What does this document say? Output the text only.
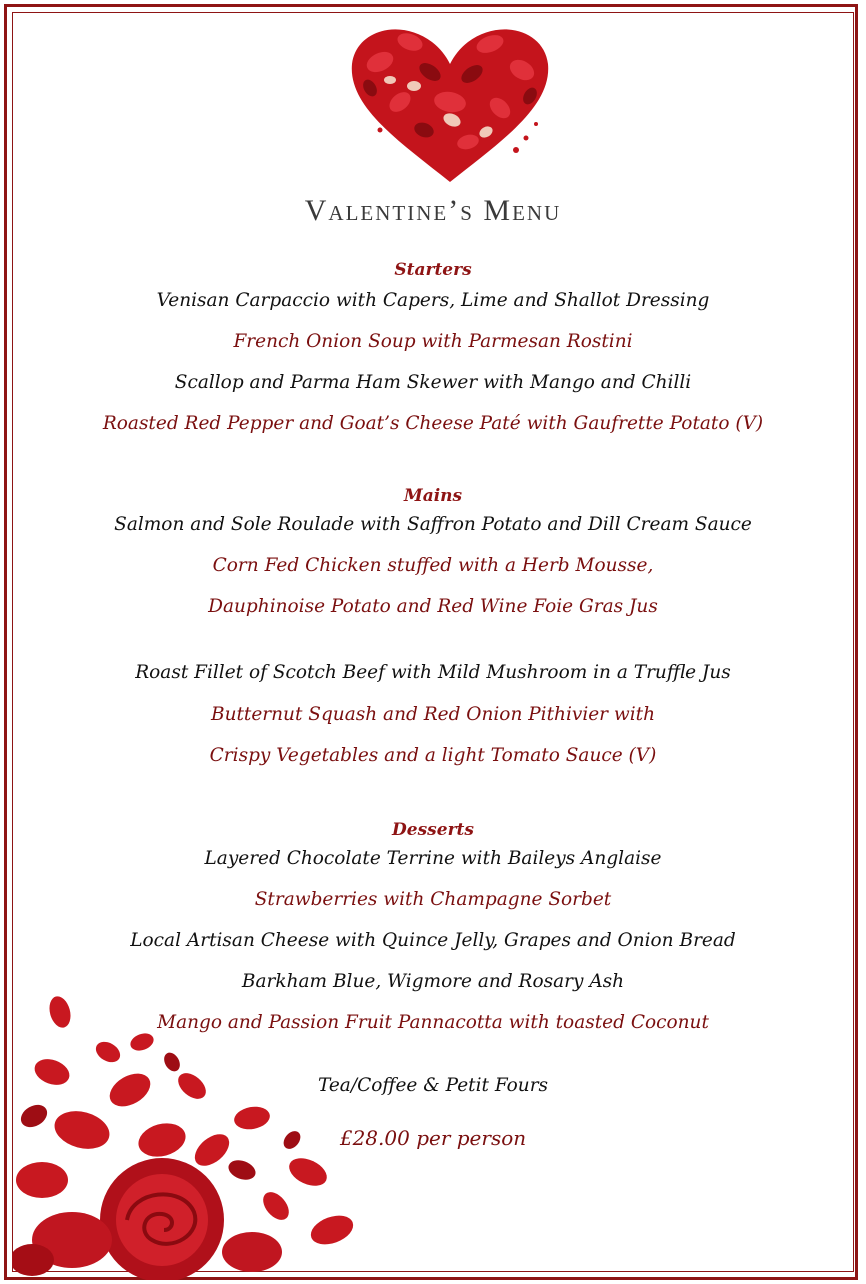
Valentine’s Menu
Starters
Venisan Carpaccio with Capers, Lime and Shallot Dressing
French Onion Soup with Parmesan Rostini
Scallop and Parma Ham Skewer with Mango and Chilli
Roasted Red Pepper and Goat’s Cheese Paté with Gaufrette Potato (V)
Mains
Salmon and Sole Roulade with Saffron Potato and Dill Cream Sauce
Corn Fed Chicken stuffed with a Herb Mousse,
Dauphinoise Potato and Red Wine Foie Gras Jus
Roast Fillet of Scotch Beef with Mild Mushroom in a Truffle Jus
Butternut Squash and Red Onion Pithivier with
Crispy Vegetables and a light Tomato Sauce (V)
Desserts
Layered Chocolate Terrine with Baileys Anglaise
Strawberries with Champagne Sorbet
Local Artisan Cheese with Quince Jelly, Grapes and Onion Bread
Barkham Blue, Wigmore and Rosary Ash
Mango and Passion Fruit Pannacotta with toasted Coconut
Tea/Coffee & Petit Fours
£28.00 per person
